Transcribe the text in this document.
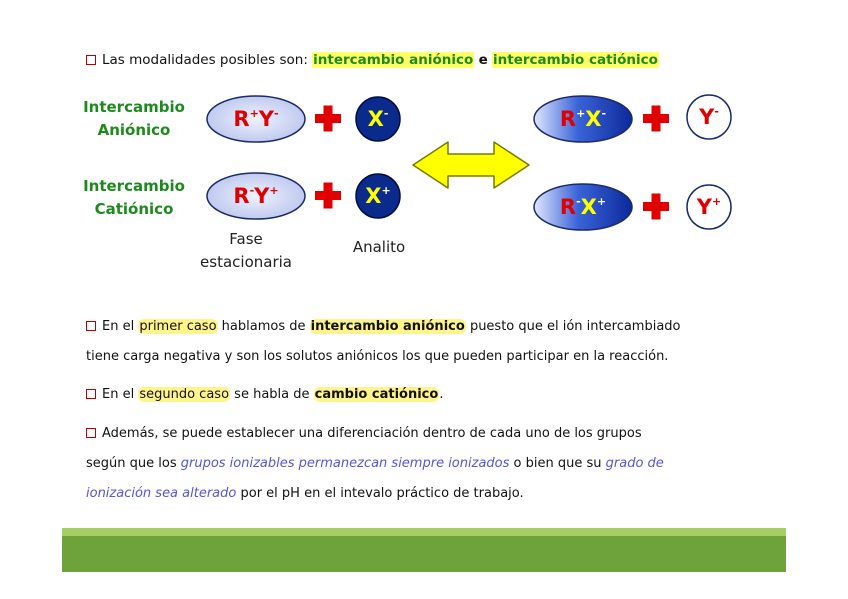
Las modalidades posibles son: intercambio aniónico e intercambio catiónico
Intercambio
Aniónico
Intercambio
Catiónico
R+Y-
R-Y+
X-
X+
R+X-
R-X+
Y-
Y+
Fase
estacionaria
Analito
En el primer caso hablamos de intercambio aniónico puesto que el ión intercambiado
tiene carga negativa y son los solutos aniónicos los que pueden participar en la reacción.
En el segundo caso se habla de cambio catiónico.
Además, se puede establecer una diferenciación dentro de cada uno de los grupos
según que los grupos ionizables permanezcan siempre ionizados o bien que su grado de
ionización sea alterado por el pH en el intevalo práctico de trabajo.
